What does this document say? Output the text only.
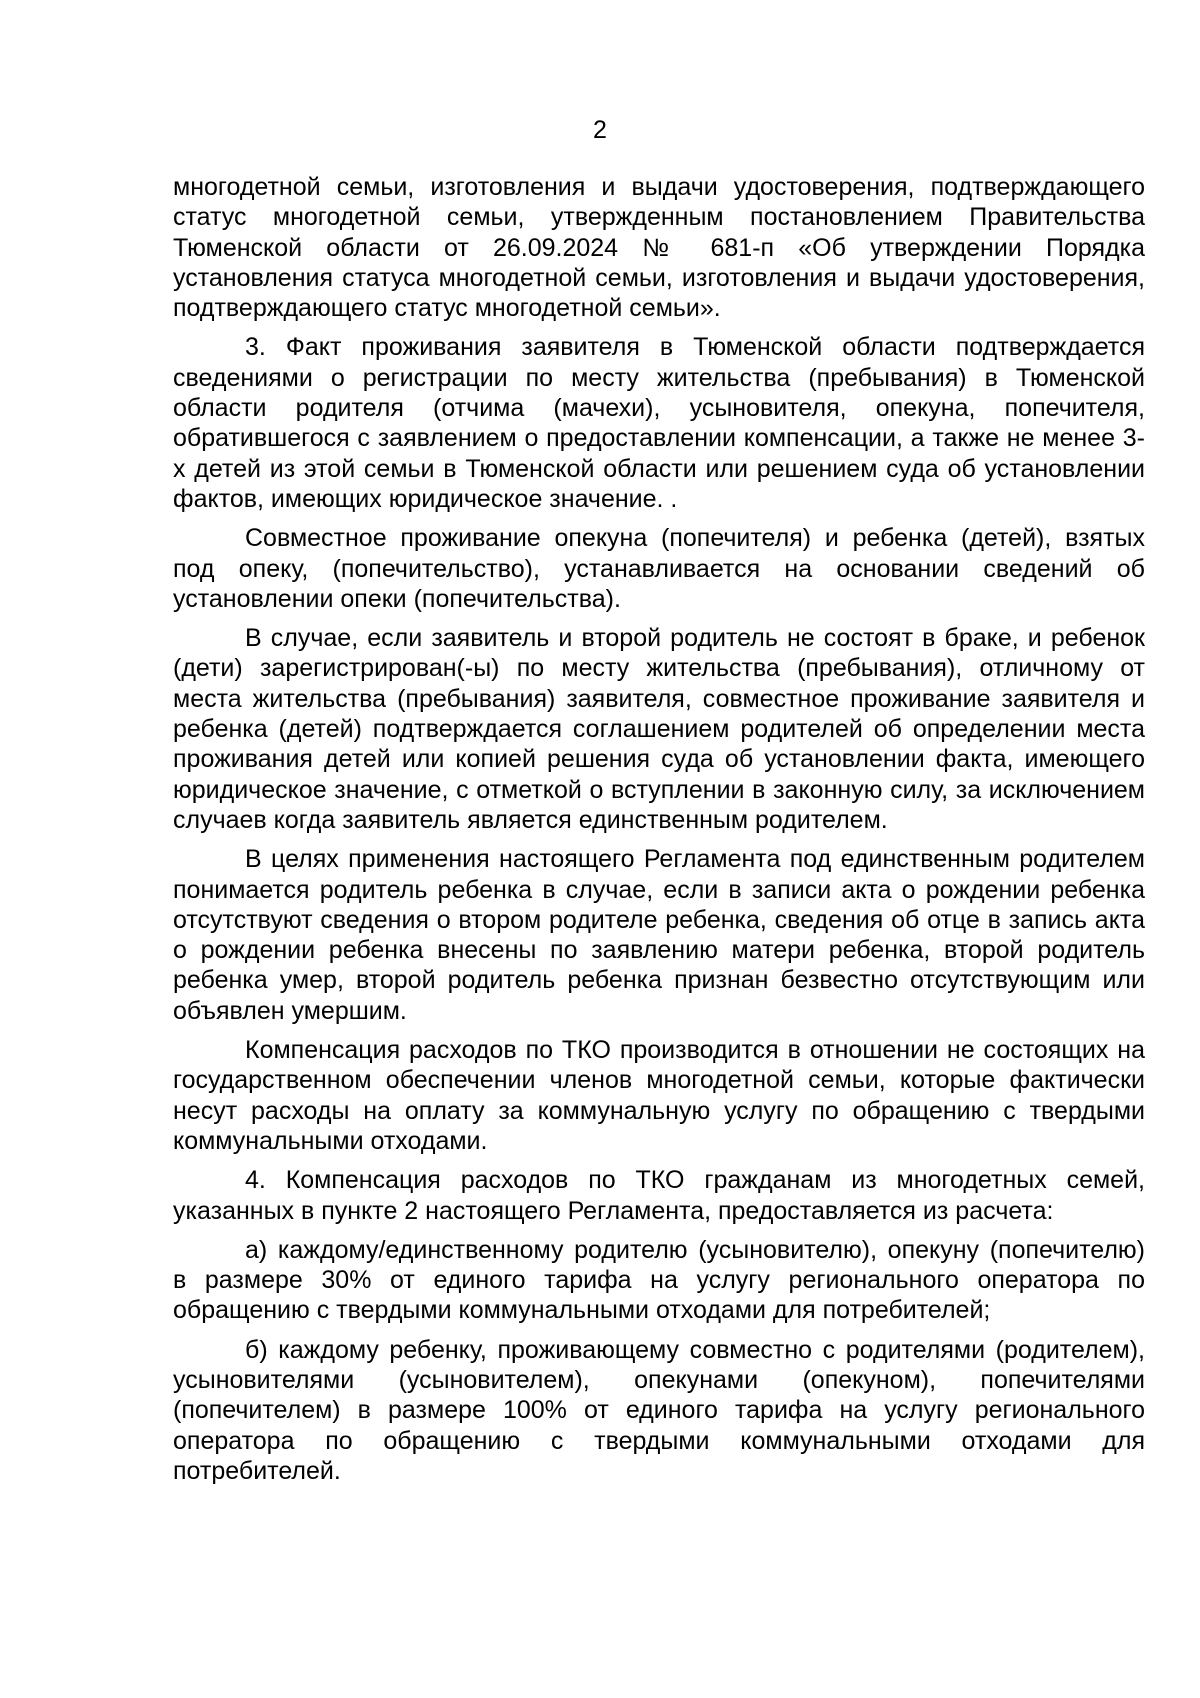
2

многодетной семьи, изготовления и выдачи удостоверения, подтверждающего статус многодетной семьи, утвержденным постановлением Правительства Тюменской области от 26.09.2024 № 681-п «Об утверждении Порядка установления статуса многодетной семьи, изготовления и выдачи удостоверения, подтверждающего статус многодетной семьи».

3. Факт проживания заявителя в Тюменской области подтверждается сведениями о регистрации по месту жительства (пребывания) в Тюменской области родителя (отчима (мачехи), усыновителя, опекуна, попечителя, обратившегося с заявлением о предоставлении компенсации, а также не менее 3-х детей из этой семьи в Тюменской области или решением суда об установлении фактов, имеющих юридическое значение. .

Совместное проживание опекуна (попечителя) и ребенка (детей), взятых под опеку, (попечительство), устанавливается на основании сведений об установлении опеки (попечительства).

В случае, если заявитель и второй родитель не состоят в браке, и ребенок (дети) зарегистрирован(-ы) по месту жительства (пребывания), отличному от места жительства (пребывания) заявителя, совместное проживание заявителя и ребенка (детей) подтверждается соглашением родителей об определении места проживания детей или копией решения суда об установлении факта, имеющего юридическое значение, с отметкой о вступлении в законную силу, за исключением случаев когда заявитель является единственным родителем.

В целях применения настоящего Регламента под единственным родителем понимается родитель ребенка в случае, если в записи акта о рождении ребенка отсутствуют сведения о втором родителе ребенка, сведения об отце в запись акта о рождении ребенка внесены по заявлению матери ребенка, второй родитель ребенка умер, второй родитель ребенка признан безвестно отсутствующим или объявлен умершим.

Компенсация расходов по ТКО производится в отношении не состоящих на государственном обеспечении членов многодетной семьи, которые фактически несут расходы на оплату за коммунальную услугу по обращению с твердыми коммунальными отходами.

4. Компенсация расходов по ТКО гражданам из многодетных семей, указанных в пункте 2 настоящего Регламента, предоставляется из расчета:

а) каждому/единственному родителю (усыновителю), опекуну (попечителю) в размере 30% от единого тарифа на услугу регионального оператора по обращению с твердыми коммунальными отходами для потребителей;

б) каждому ребенку, проживающему совместно с родителями (родителем), усыновителями (усыновителем), опекунами (опекуном), попечителями (попечителем) в размере 100% от единого тарифа на услугу регионального оператора по обращению с твердыми коммунальными отходами для потребителей.
